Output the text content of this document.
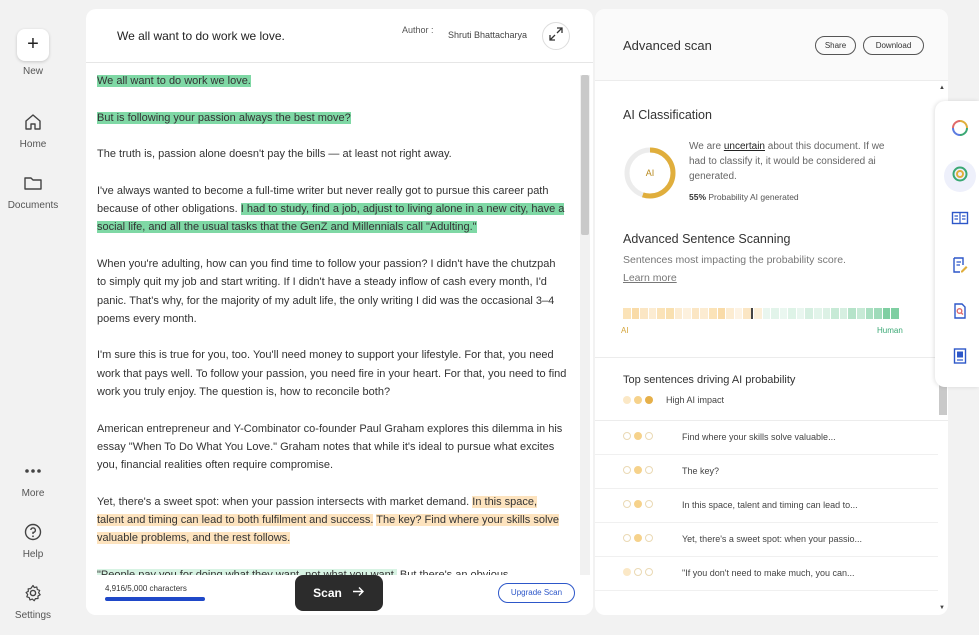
+
New
Home
Documents
More
Help
Settings
We all want to do work we love.	Author :	Shruti Bhattacharya

We all want to do work we love.

But is following your passion always the best move?

The truth is, passion alone doesn't pay the bills — at least not right away.

I've always wanted to become a full-time writer but never really got to pursue this career path because of other obligations. I had to study, find a job, adjust to living alone in a new city, have a social life, and all the usual tasks that the GenZ and Millennials call "Adulting."

When you're adulting, how can you find time to follow your passion? I didn't have the chutzpah to simply quit my job and start writing. If I didn't have a steady inflow of cash every month, I'd panic. That's why, for the majority of my adult life, the only writing I did was the occasional 3–4 poems every month.

I'm sure this is true for you, too. You'll need money to support your lifestyle. For that, you need work that pays well. To follow your passion, you need fire in your heart. For that, you need to find work you truly enjoy. The question is, how to reconcile both?

American entrepreneur and Y-Combinator co-founder Paul Graham explores this dilemma in his essay "When To Do What You Love." Graham notes that while it's ideal to pursue what excites you, financial realities often require compromise.

Yet, there's a sweet spot: when your passion intersects with market demand. In this space, talent and timing can lead to both fulfilment and success. The key? Find where your skills solve valuable problems, and the rest follows.

4,916/5,000 characters	Scan	Upgrade Scan
Advanced scan	Share	Download
AI Classification
AI
We are uncertain about this document. If we had to classify it, it would be considered ai generated.
55% Probability AI generated
Advanced Sentence Scanning
Sentences most impacting the probability score.
Learn more
AI	Human
Top sentences driving AI probability
High AI impact
Find where your skills solve valuable...
The key?
In this space, talent and timing can lead to...
Yet, there's a sweet spot: when your passio...
"If you don't need to make much, you can...
▲
▼
